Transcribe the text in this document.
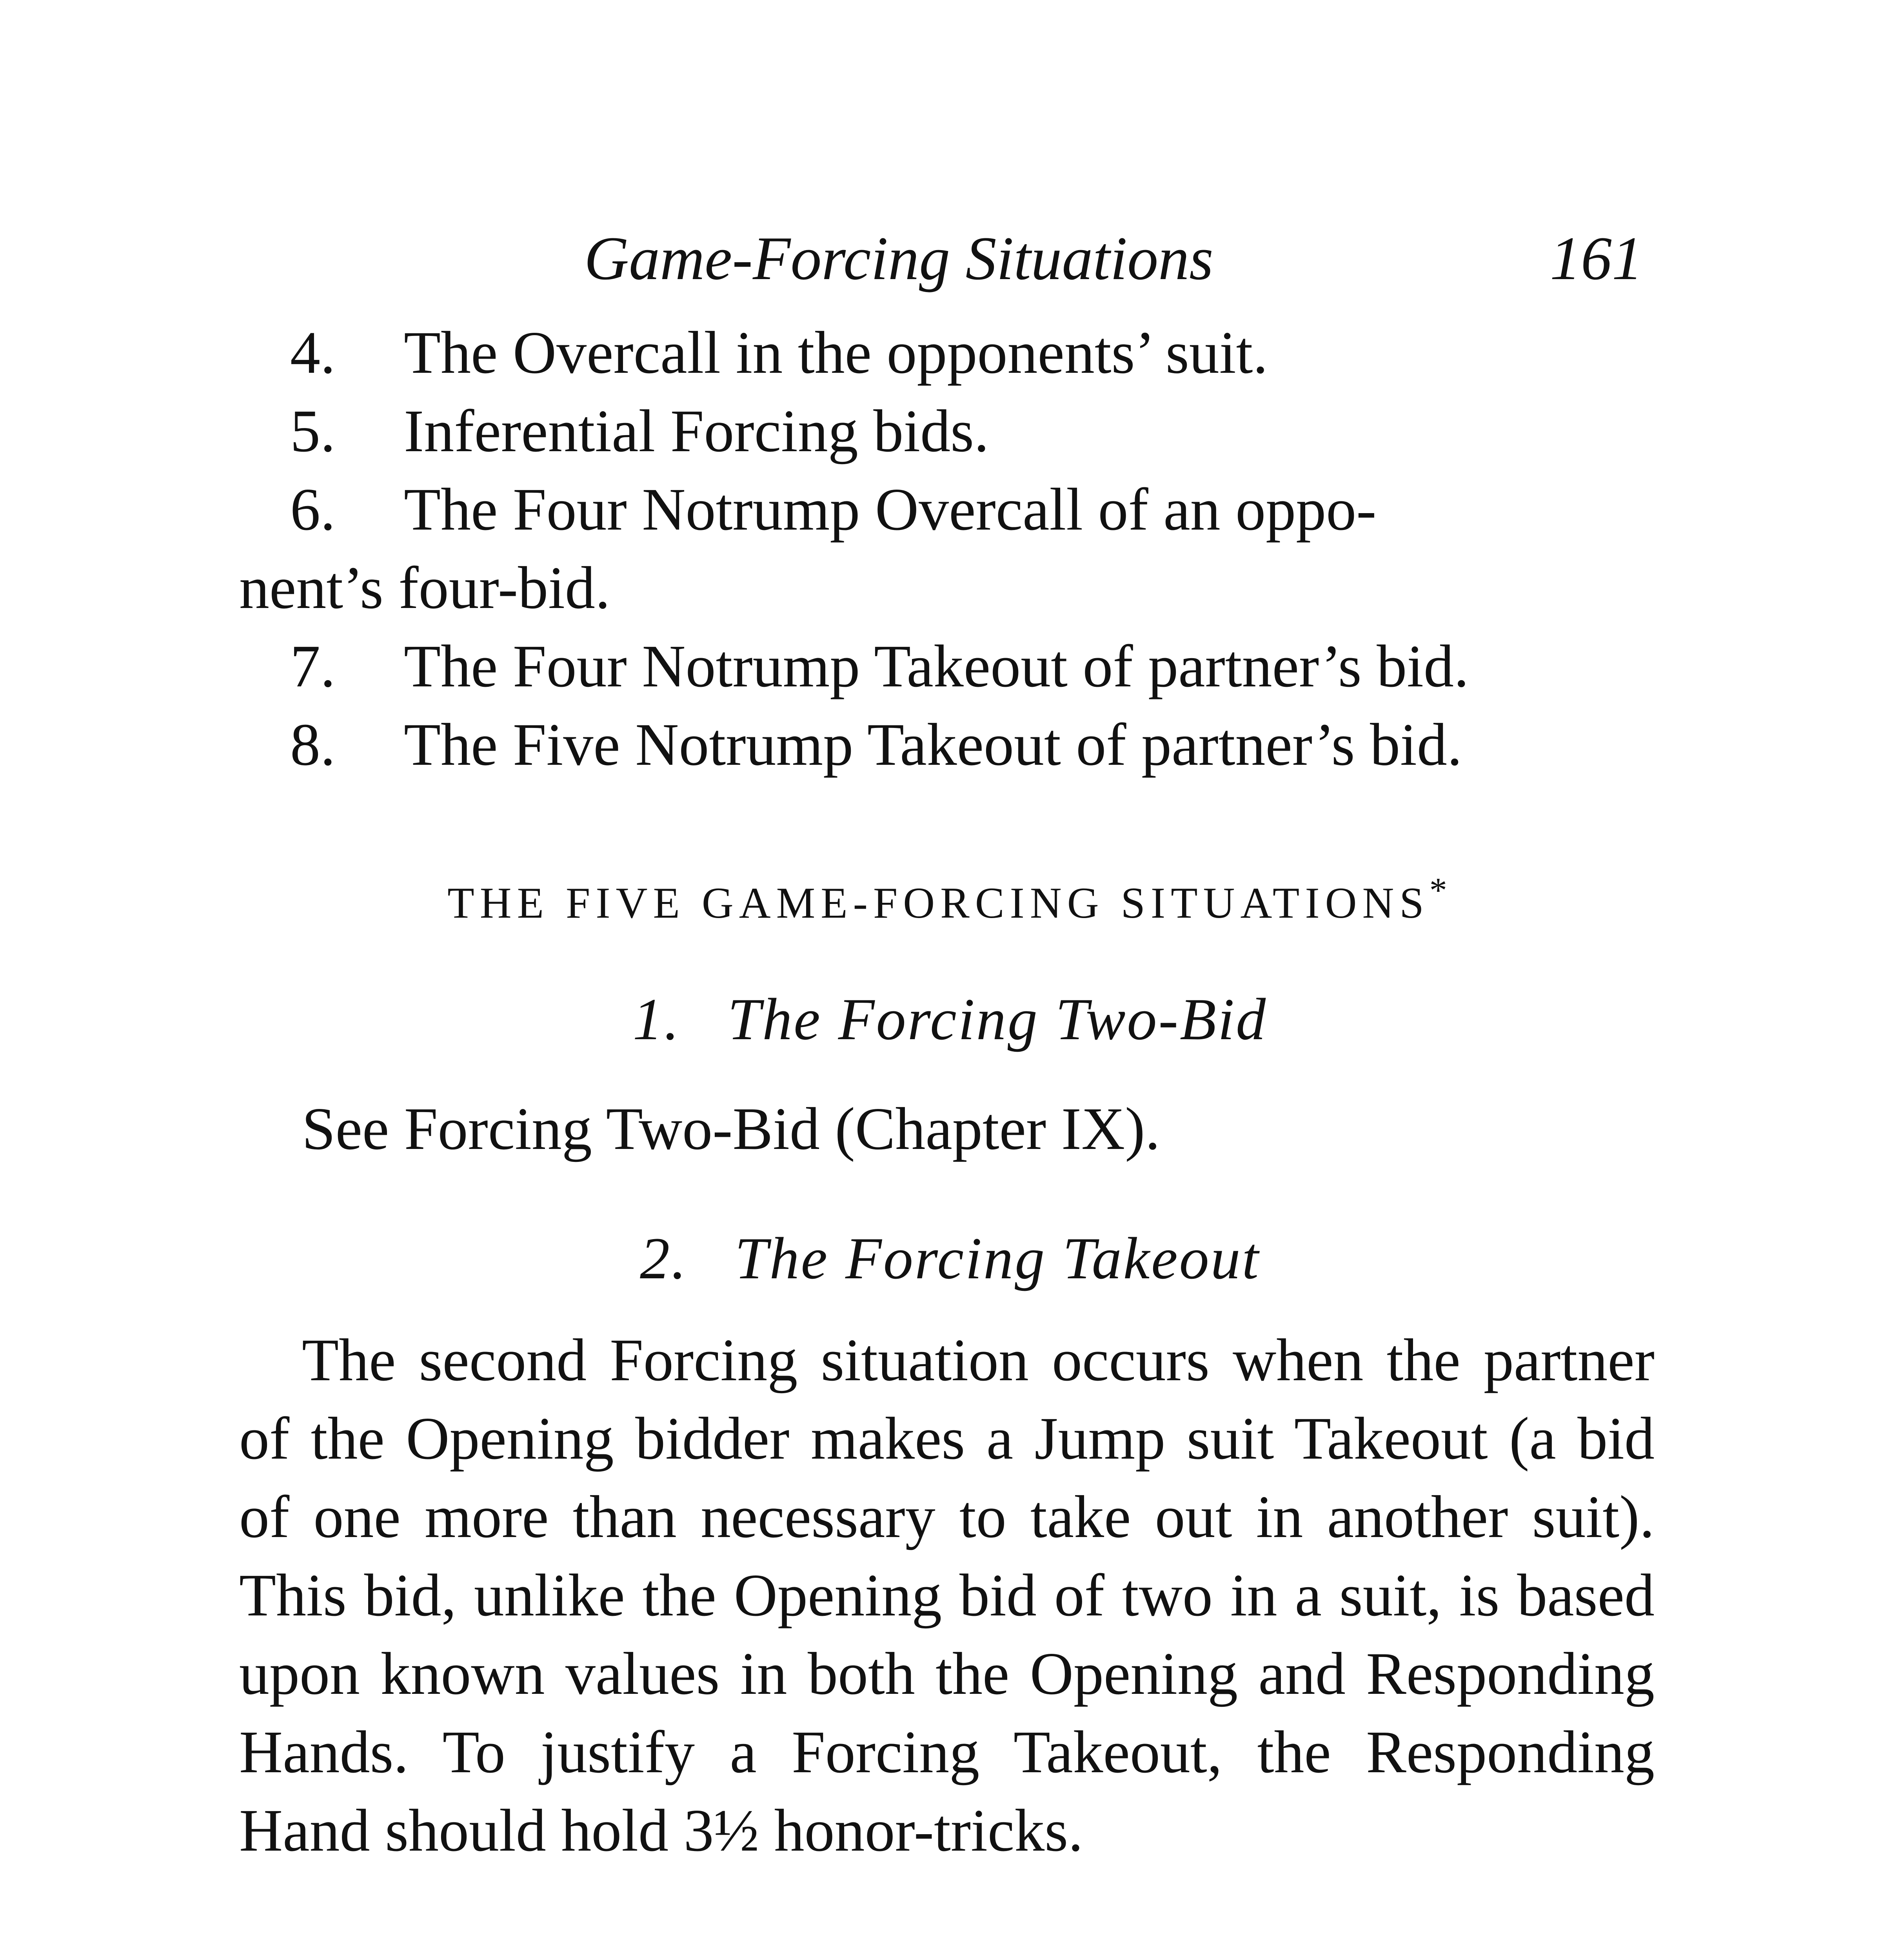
Game-Forcing Situations	161

4. The Overcall in the opponents’ suit.

5. Inferential Forcing bids.

6. The Four Notrump Overcall of an oppo-
nent’s four-bid.

7. The Four Notrump Takeout of partner’s bid.

8. The Five Notrump Takeout of partner’s bid.

THE FIVE GAME-FORCING SITUATIONS*
1. The Forcing Two-Bid

See Forcing Two-Bid (Chapter IX).

2. The Forcing Takeout

The second Forcing situation occurs when the partner of the Opening bidder makes a Jump suit Takeout (a bid of one more than necessary to take out in another suit). This bid, unlike the Opening bid of two in a suit, is based upon known values in both the Opening and Responding Hands. To justify a Forcing Takeout, the Responding Hand should hold 3½ honor-tricks.
